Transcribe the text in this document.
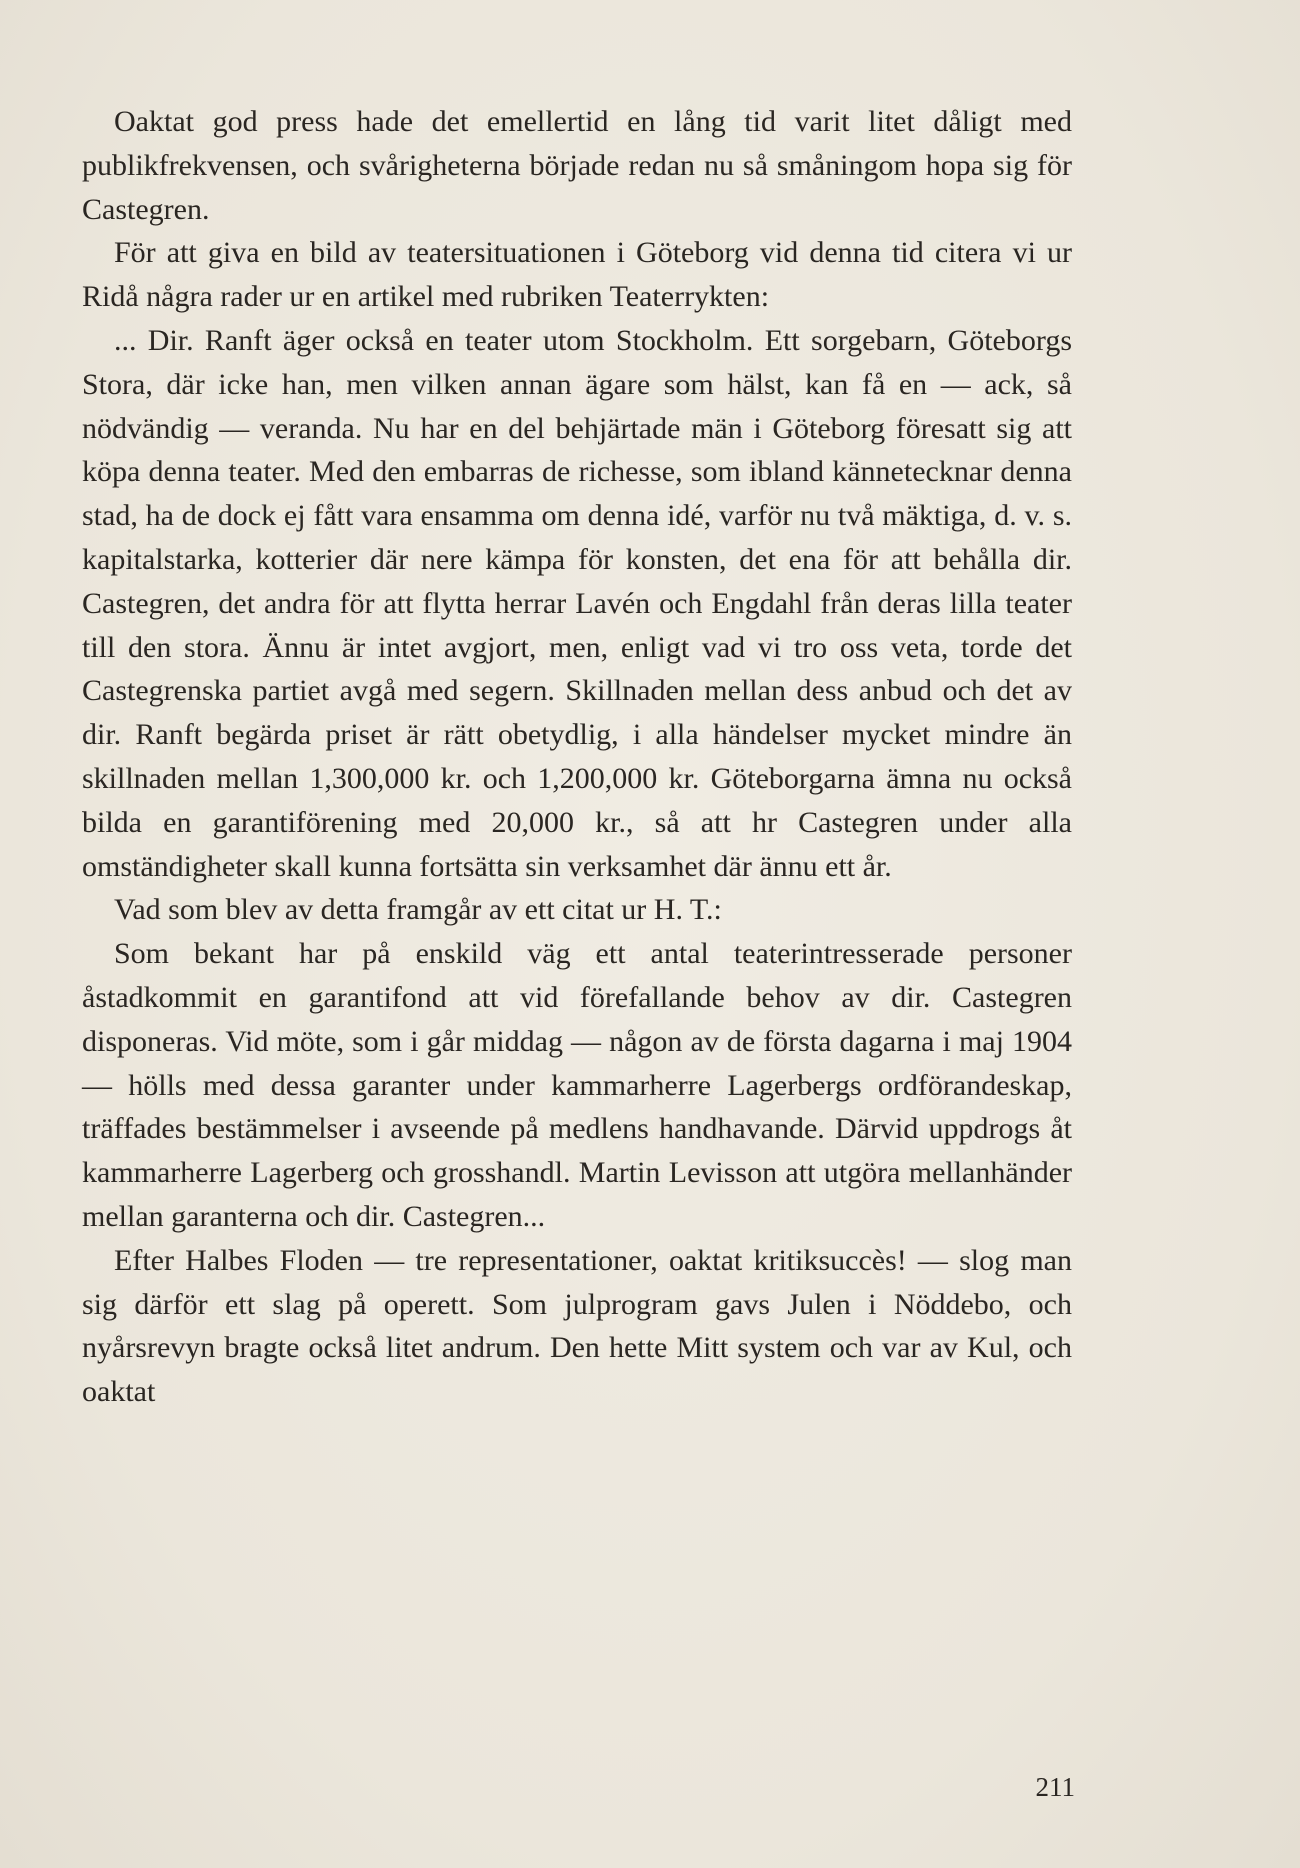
Oaktat god press hade det emellertid en lång tid varit litet dåligt med publikfrekvensen, och svårigheterna började redan nu så småningom hopa sig för Castegren.

För att giva en bild av teatersituationen i Göteborg vid denna tid citera vi ur Ridå några rader ur en artikel med rubriken Teaterrykten:

... Dir. Ranft äger också en teater utom Stockholm. Ett sorgebarn, Göteborgs Stora, där icke han, men vilken annan ägare som hälst, kan få en — ack, så nödvändig — veranda. Nu har en del behjärtade män i Göteborg föresatt sig att köpa denna teater. Med den embarras de richesse, som ibland kännetecknar denna stad, ha de dock ej fått vara ensamma om denna idé, varför nu två mäktiga, d. v. s. kapitalstarka, kotterier där nere kämpa för konsten, det ena för att behålla dir. Castegren, det andra för att flytta herrar Lavén och Engdahl från deras lilla teater till den stora. Ännu är intet avgjort, men, enligt vad vi tro oss veta, torde det Castegrenska partiet avgå med segern. Skillnaden mellan dess anbud och det av dir. Ranft begärda priset är rätt obetydlig, i alla händelser mycket mindre än skillnaden mellan 1,300,000 kr. och 1,200,000 kr. Göteborgarna ämna nu också bilda en garantiförening med 20,000 kr., så att hr Castegren under alla omständigheter skall kunna fortsätta sin verksamhet där ännu ett år.

Vad som blev av detta framgår av ett citat ur H. T.:

Som bekant har på enskild väg ett antal teaterintresserade personer åstadkommit en garantifond att vid förefallande behov av dir. Castegren disponeras. Vid möte, som i går middag — någon av de första dagarna i maj 1904 — hölls med dessa garanter under kammarherre Lagerbergs ordförandeskap, träffades bestämmelser i avseende på medlens handhavande. Därvid uppdrogs åt kammarherre Lagerberg och grosshandl. Martin Levisson att utgöra mellanhänder mellan garanterna och dir. Castegren...

Efter Halbes Floden — tre representationer, oaktat kritiksuccès! — slog man sig därför ett slag på operett. Som julprogram gavs Julen i Nöddebo, och nyårsrevyn bragte också litet andrum. Den hette Mitt system och var av Kul, och oaktat

211
